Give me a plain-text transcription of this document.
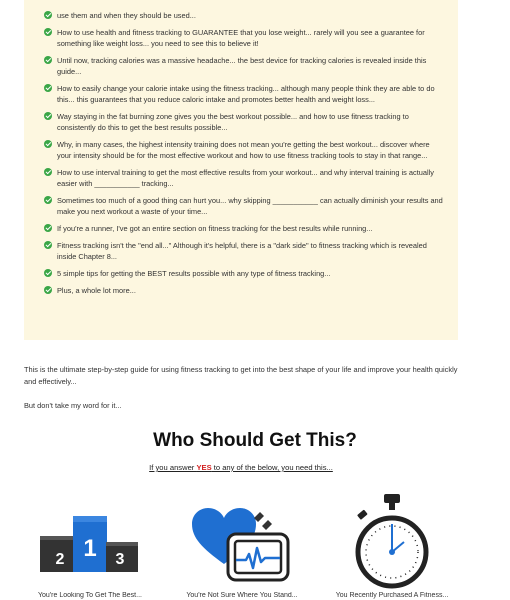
use them and when they should be used...
How to use health and fitness tracking to GUARANTEE that you lose weight... rarely will you see a guarantee for something like weight loss... you need to see this to believe it!
Until now, tracking calories was a massive headache... the best device for tracking calories is revealed inside this guide...
How to easily change your calorie intake using the fitness tracking... although many people think they are able to do this... this guarantees that you reduce caloric intake and promotes better health and weight loss...
Way staying in the fat burning zone gives you the best workout possible... and how to use fitness tracking to consistently do this to get the best results possible...
Why, in many cases, the highest intensity training does not mean you're getting the best workout... discover where your intensity should be for the most effective workout and how to use fitness tracking tools to stay in that range...
How to use interval training to get the most effective results from your workout... and why interval training is actually easier with ___________ tracking...
Sometimes too much of a good thing can hurt you... why skipping ___________ can actually diminish your results and make you next workout a waste of your time...
If you're a runner, I've got an entire section on fitness tracking for the best results while running...
Fitness tracking isn't the "end all..." Although it's helpful, there is a "dark side" to fitness tracking which is revealed inside Chapter 8...
5 simple tips for getting the BEST results possible with any type of fitness tracking...
Plus, a whole lot more...
This is the ultimate step-by-step guide for using fitness tracking to get into the best shape of your life and improve your health quickly and effectively...
But don't take my word for it...
Who Should Get This?
If you answer YES to any of the below, you need this...
2 1 3
You're Looking To Get The Best...	You're Not Sure Where You Stand...	You Recently Purchased A Fitness...
